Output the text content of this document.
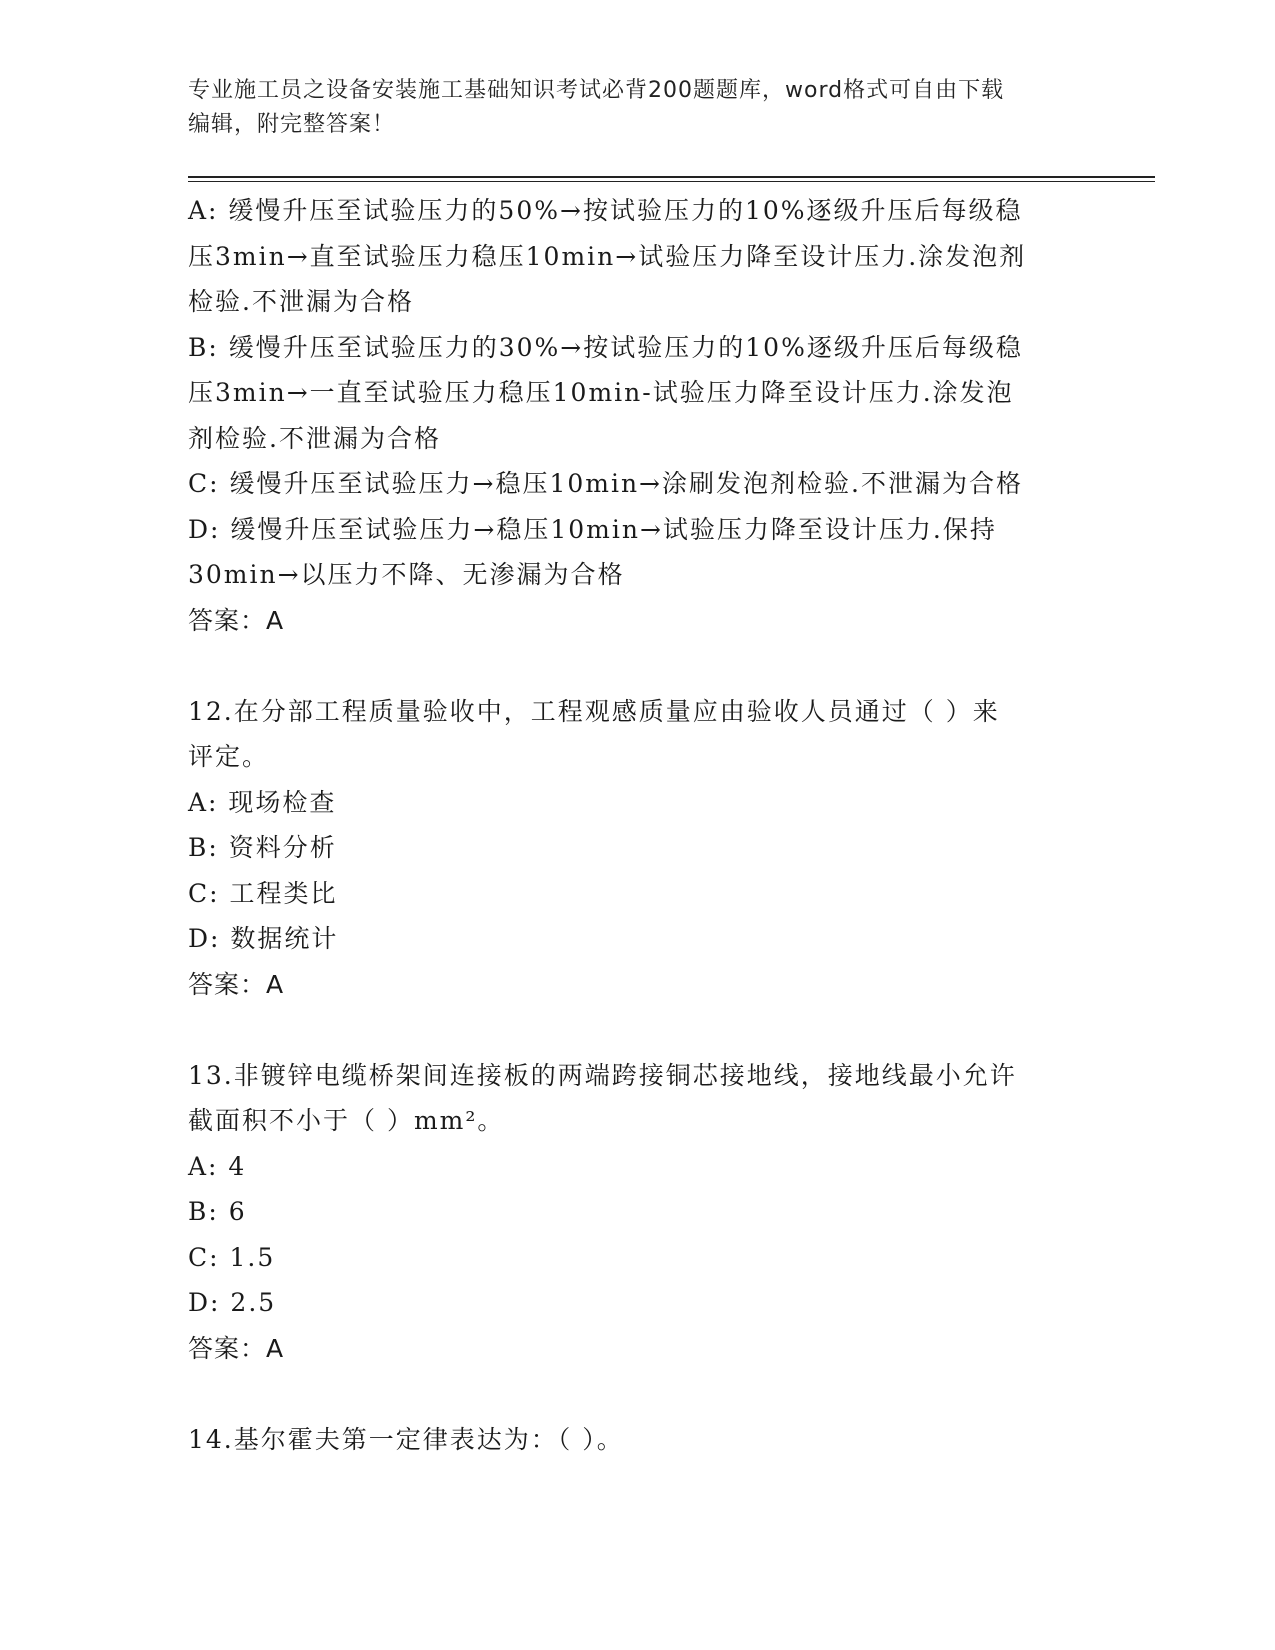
专业施工员之设备安装施工基础知识考试必背200题题库，word格式可自由下载
编辑，附完整答案！
A: 缓慢升压至试验压力的50%→按试验压力的10%逐级升压后每级稳
压3min→直至试验压力稳压10min→试验压力降至设计压力.涂发泡剂
检验.不泄漏为合格
B: 缓慢升压至试验压力的30%→按试验压力的10%逐级升压后每级稳
压3min→一直至试验压力稳压10min-试验压力降至设计压力.涂发泡
剂检验.不泄漏为合格
C: 缓慢升压至试验压力→稳压10min→涂刷发泡剂检验.不泄漏为合格
D: 缓慢升压至试验压力→稳压10min→试验压力降至设计压力.保持
30min→以压力不降、无渗漏为合格
答案：A
12.在分部工程质量验收中，工程观感质量应由验收人员通过（ ）来
评定。
A: 现场检查
B: 资料分析
C: 工程类比
D: 数据统计
答案：A
13.非镀锌电缆桥架间连接板的两端跨接铜芯接地线，接地线最小允许
截面积不小于（ ）mm²。
A: 4
B: 6
C: 1.5
D: 2.5
答案：A
14.基尔霍夫第一定律表达为：（ ）。
